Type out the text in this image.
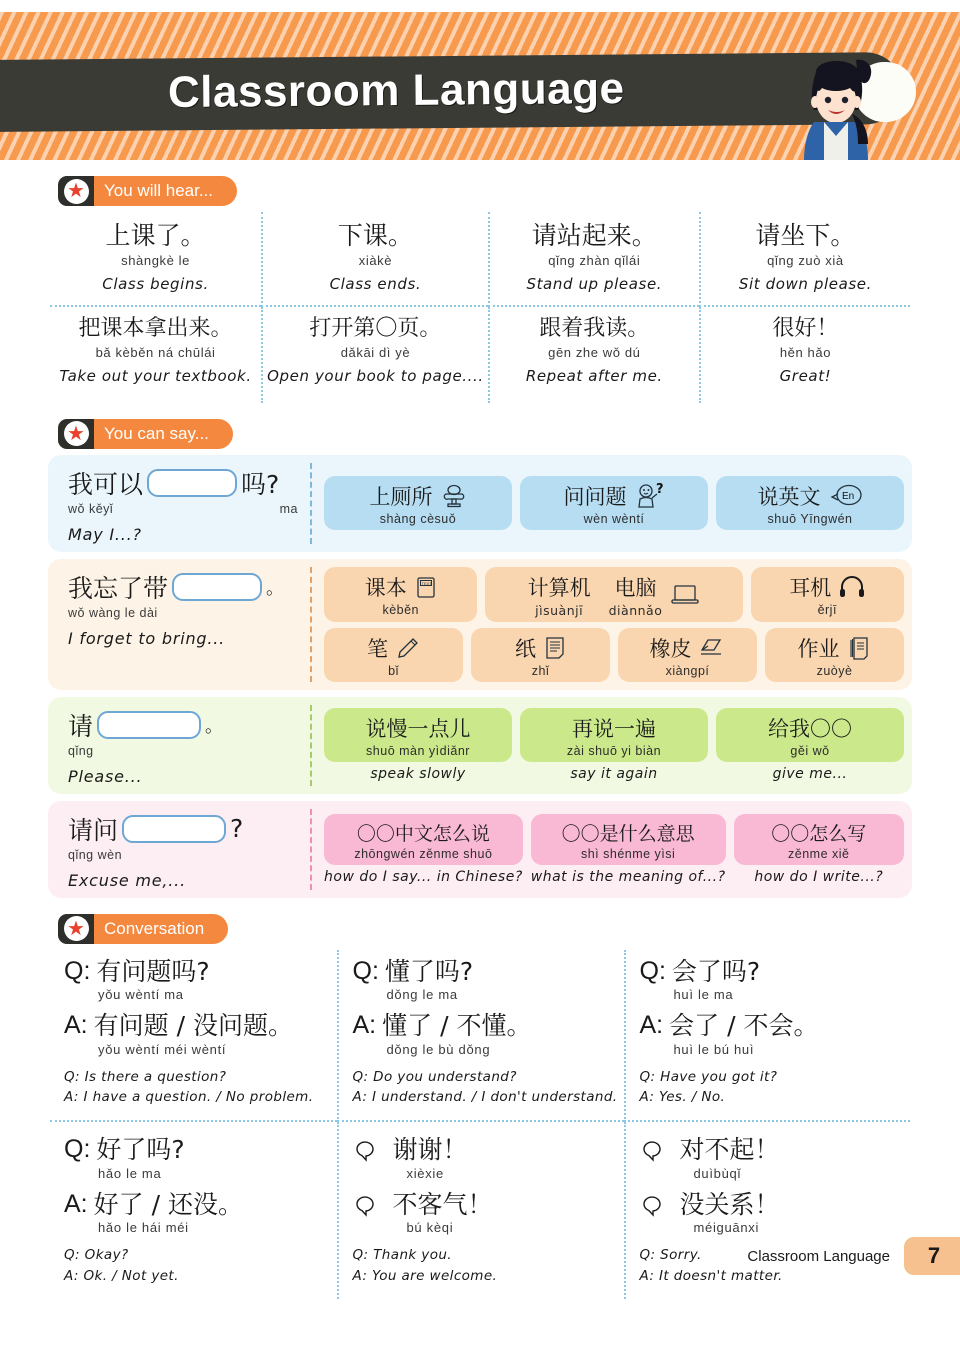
Classroom Language
★	You will hear...
上课了。
shàngkè le
Class begins.
下课。
xiàkè
Class ends.
请站起来。
qǐng zhàn qǐlái
Stand up please.
请坐下。
qǐng zuò xià
Sit down please.
把课本拿出来。
bǎ kèběn ná chūlái
Take out your textbook.
打开第〇页。
dǎkāi dì yè
Open your book to page....
跟着我读。
gēn zhe wǒ dú
Repeat after me.
很好！
hěn hǎo
Great!
★	You can say...
我可以	吗?
wǒ kěyǐ	ma
May I...?
上厕所
shàng cèsuǒ
问问题 ?
wèn wèntí
说英文 En
shuō Yīngwén
我忘了带	。
wǒ wàng le dài
I forget to bring...
课本	TEXT
kèběn
计算机
jìsuànjī
电脑
diànnǎo
耳机
ěrjī
笔
bǐ
纸
zhǐ
橡皮
xiàngpí
作业
zuòyè
请	。
qǐng
Please...
说慢一点儿
shuō màn yìdiǎnr
speak slowly
再说一遍
zài shuō yi biàn
say it again
给我〇〇
gěi wǒ
give me...
请问	?
qǐng wèn
Excuse me,...
〇〇中文怎么说
zhōngwén zěnme shuō
how do I say... in Chinese?
〇〇是什么意思
shì shénme yìsi
what is the meaning of...?
〇〇怎么写
zěnme xiě
how do I write...?
★	Conversation
Q: 有问题吗?
yǒu wèntí ma
A: 有问题 / 没问题。
yǒu wèntí méi wèntí
Q: Is there a question?
A: I have a question. / No problem.
Q: 懂了吗?
dǒng le ma
A: 懂了 / 不懂。
dǒng le bù dǒng
Q: Do you understand?
A: I understand. / I don't understand.
Q: 会了吗?
huì le ma
A: 会了 / 不会。
huì le bú huì
Q: Have you got it?
A: Yes. / No.
Q: 好了吗?
hǎo le ma
A: 好了 / 还没。
hǎo le hái méi
Q: Okay?
A: Ok. / Not yet.
谢谢！
xièxie
不客气！
bú kèqi
Q: Thank you.
A: You are welcome.
对不起！
duìbùqǐ
没关系！
méiguānxi
Q: Sorry.
A: It doesn't matter.
Classroom Language	7
